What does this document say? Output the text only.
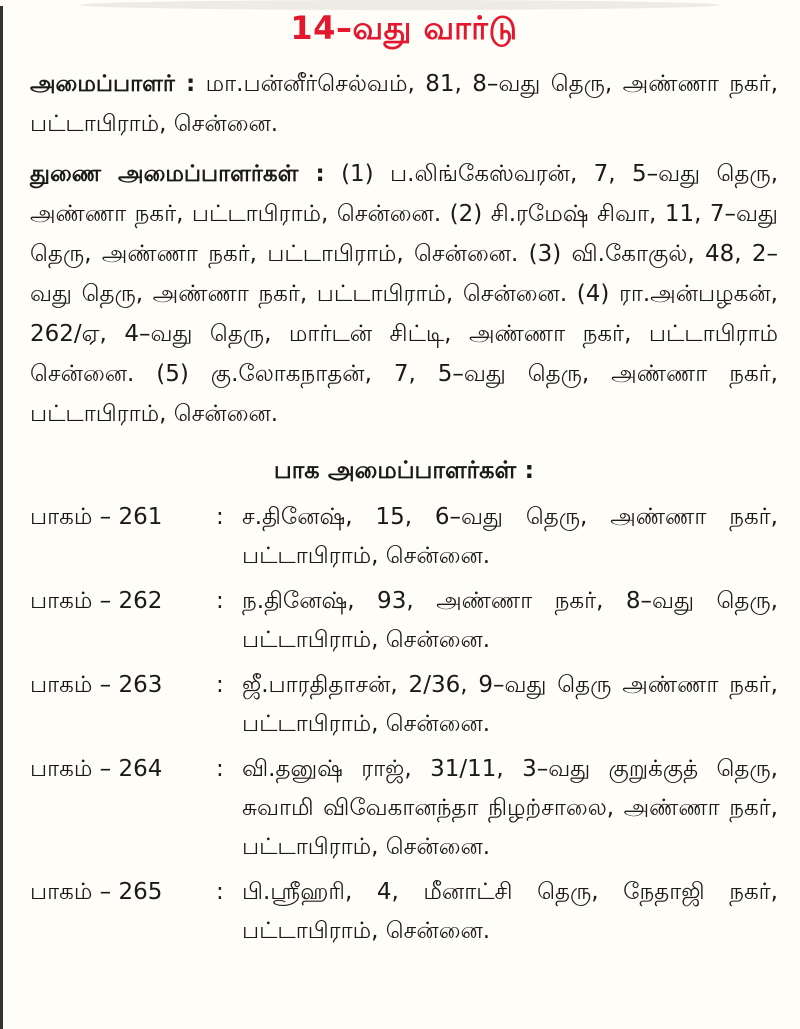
14–வது வார்டு

அமைப்பாளர் : மா.பன்னீர்செல்வம், 81, 8–வது தெரு, அண்ணா நகர், பட்டாபிராம், சென்னை.

துணை அமைப்பாளர்கள் : (1) ப.லிங்கேஸ்வரன், 7, 5–வது தெரு, அண்ணா நகர், பட்டாபிராம், சென்னை. (2) சி.ரமேஷ் சிவா, 11, 7–வது தெரு, அண்ணா நகர், பட்டாபிராம், சென்னை. (3) வி.கோகுல், 48, 2–வது தெரு, அண்ணா நகர், பட்டாபிராம், சென்னை. (4) ரா.அன்பழகன், 262/ஏ, 4–வது தெரு, மார்டன் சிட்டி, அண்ணா நகர், பட்டாபிராம் சென்னை. (5) கு.லோகநாதன், 7, 5–வது தெரு, அண்ணா நகர், பட்டாபிராம், சென்னை.

பாக அமைப்பாளர்கள் :
பாகம் – 261	: ச.தினேஷ், 15, 6–வது தெரு, அண்ணா நகர், பட்டாபிராம், சென்னை.
பாகம் – 262	: ந.தினேஷ், 93, அண்ணா நகர், 8–வது தெரு, பட்டாபிராம், சென்னை.
பாகம் – 263	: ஜீ.பாரதிதாசன், 2/36, 9–வது தெரு அண்ணா நகர், பட்டாபிராம், சென்னை.
பாகம் – 264	: வி.தனுஷ் ராஜ், 31/11, 3–வது குறுக்குத் தெரு, சுவாமி விவேகானந்தா நிழற்சாலை, அண்ணா நகர், பட்டாபிராம், சென்னை.
பாகம் – 265	: பி.ஸ்ரீஹரி, 4, மீனாட்சி தெரு, நேதாஜி நகர், பட்டாபிராம், சென்னை.
